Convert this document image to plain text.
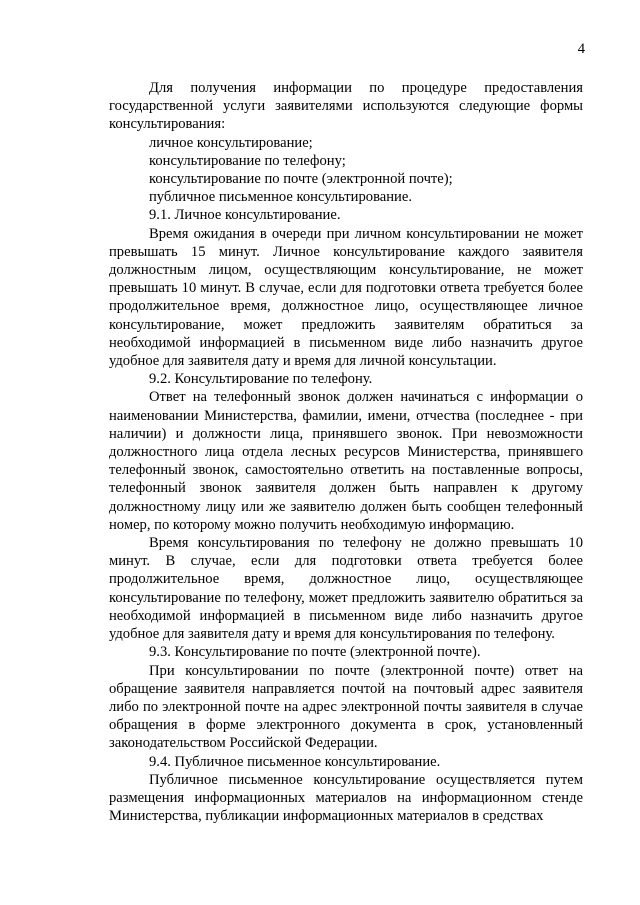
4

Для получения информации по процедуре предоставления государственной услуги заявителями используются следующие формы консультирования:

личное консультирование;

консультирование по телефону;

консультирование по почте (электронной почте);

публичное письменное консультирование.

9.1. Личное консультирование.

Время ожидания в очереди при личном консультировании не может превышать 15 минут. Личное консультирование каждого заявителя должностным лицом, осуществляющим консультирование, не может превышать 10 минут. В случае, если для подготовки ответа требуется более продолжительное время, должностное лицо, осуществляющее личное консультирование, может предложить заявителям обратиться за необходимой информацией в письменном виде либо назначить другое удобное для заявителя дату и время для личной консультации.

9.2. Консультирование по телефону.

Ответ на телефонный звонок должен начинаться с информации о наименовании Министерства, фамилии, имени, отчества (последнее - при наличии) и должности лица, принявшего звонок. При невозможности должностного лица отдела лесных ресурсов Министерства, принявшего телефонный звонок, самостоятельно ответить на поставленные вопросы, телефонный звонок заявителя должен быть направлен к другому должностному лицу или же заявителю должен быть сообщен телефонный номер, по которому можно получить необходимую информацию.

Время консультирования по телефону не должно превышать 10 минут. В случае, если для подготовки ответа требуется более продолжительное время, должностное лицо, осуществляющее консультирование по телефону, может предложить заявителю обратиться за необходимой информацией в письменном виде либо назначить другое удобное для заявителя дату и время для консультирования по телефону.

9.3. Консультирование по почте (электронной почте).

При консультировании по почте (электронной почте) ответ на обращение заявителя направляется почтой на почтовый адрес заявителя либо по электронной почте на адрес электронной почты заявителя в случае обращения в форме электронного документа в срок, установленный законодательством Российской Федерации.

9.4. Публичное письменное консультирование.

Публичное письменное консультирование осуществляется путем размещения информационных материалов на информационном стенде Министерства, публикации информационных материалов в средствах
